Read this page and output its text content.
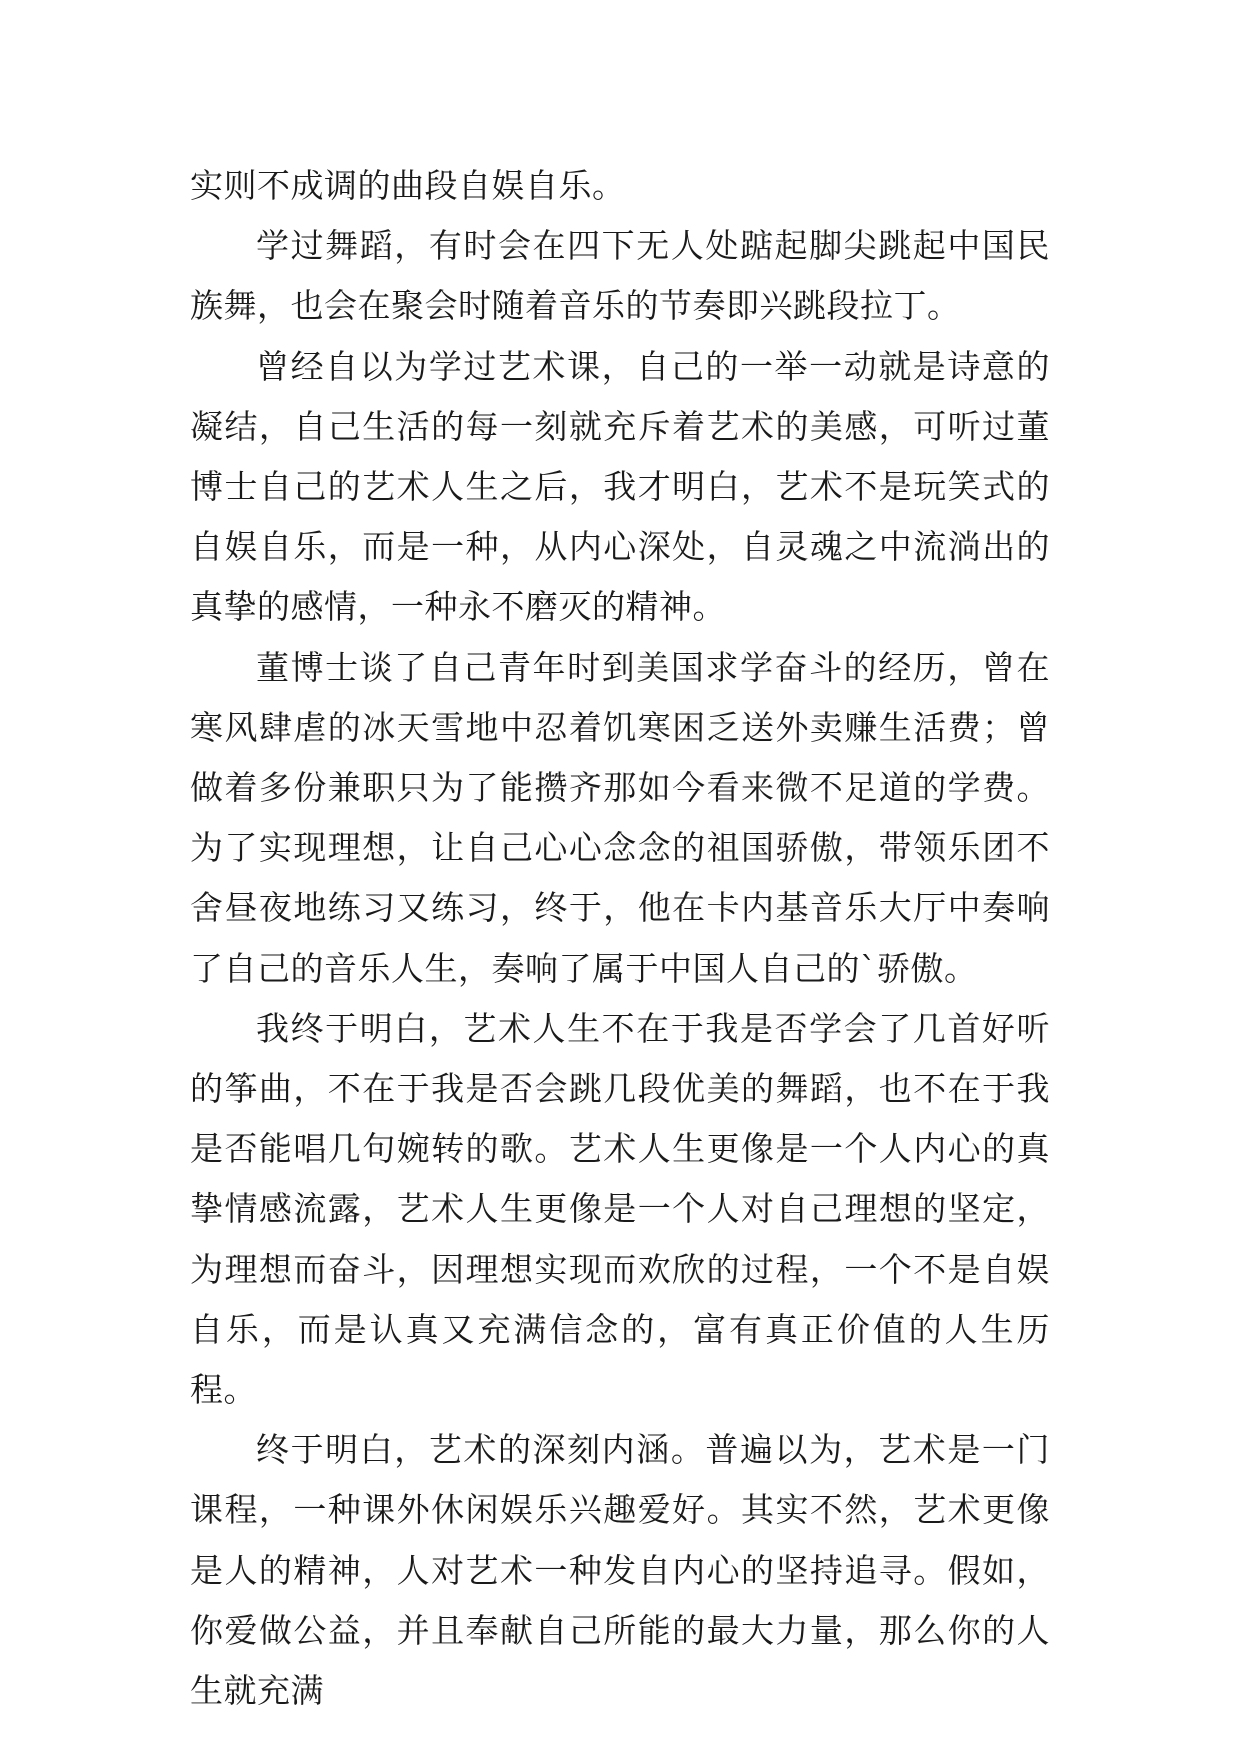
实则不成调的曲段自娱自乐。

学过舞蹈，有时会在四下无人处踮起脚尖跳起中国民族舞，也会在聚会时随着音乐的节奏即兴跳段拉丁。

曾经自以为学过艺术课，自己的一举一动就是诗意的凝结，自己生活的每一刻就充斥着艺术的美感，可听过董博士自己的艺术人生之后，我才明白，艺术不是玩笑式的自娱自乐，而是一种，从内心深处，自灵魂之中流淌出的真挚的感情，一种永不磨灭的精神。

董博士谈了自己青年时到美国求学奋斗的经历，曾在寒风肆虐的冰天雪地中忍着饥寒困乏送外卖赚生活费；曾做着多份兼职只为了能攒齐那如今看来微不足道的学费。为了实现理想，让自己心心念念的祖国骄傲，带领乐团不舍昼夜地练习又练习，终于，他在卡内基音乐大厅中奏响了自己的音乐人生，奏响了属于中国人自己的`骄傲。

我终于明白，艺术人生不在于我是否学会了几首好听的筝曲，不在于我是否会跳几段优美的舞蹈，也不在于我是否能唱几句婉转的歌。艺术人生更像是一个人内心的真挚情感流露，艺术人生更像是一个人对自己理想的坚定，为理想而奋斗，因理想实现而欢欣的过程，一个不是自娱自乐，而是认真又充满信念的，富有真正价值的人生历程。

终于明白，艺术的深刻内涵。普遍以为，艺术是一门课程，一种课外休闲娱乐兴趣爱好。其实不然，艺术更像是人的精神，人对艺术一种发自内心的坚持追寻。假如，你爱做公益，并且奉献自己所能的最大力量，那么你的人生就充满
